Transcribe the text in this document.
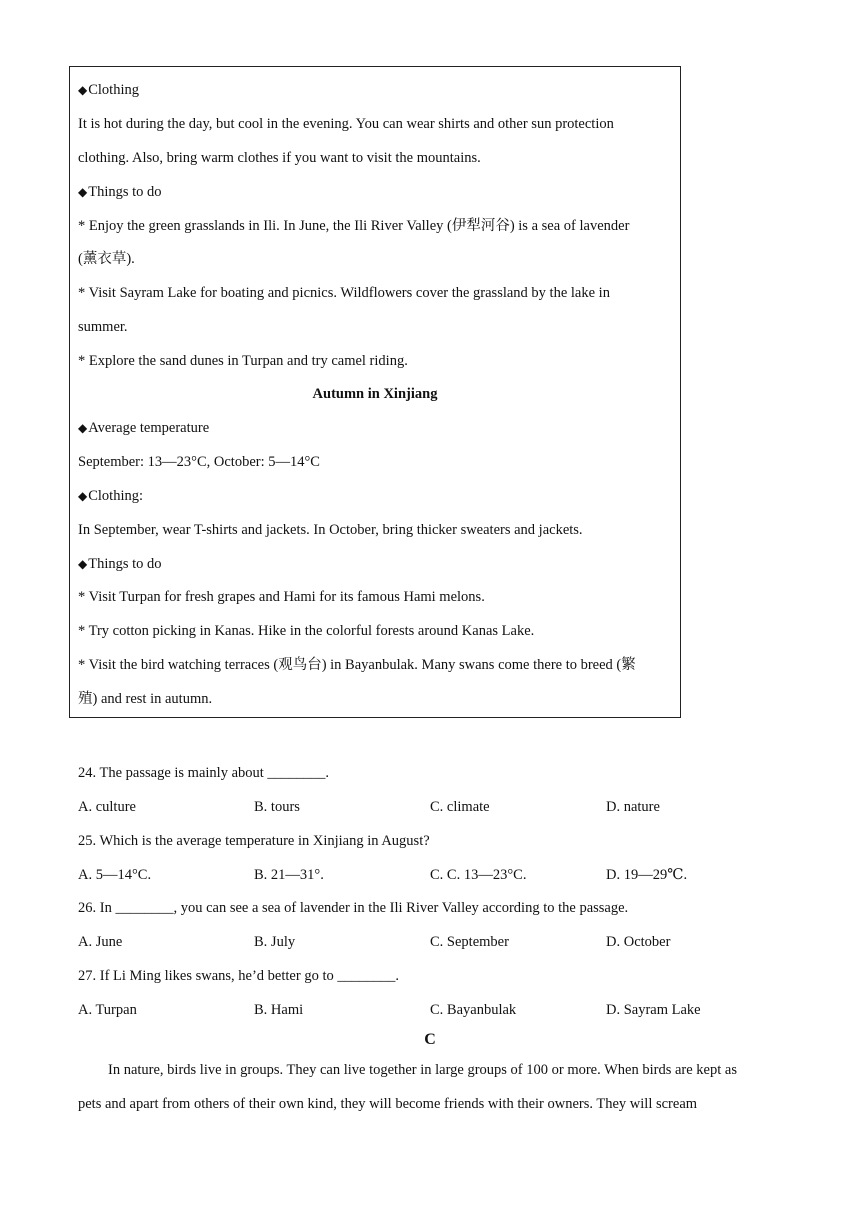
◆Clothing
It is hot during the day, but cool in the evening. You can wear shirts and other sun protection
clothing. Also, bring warm clothes if you want to visit the mountains.
◆Things to do
* Enjoy the green grasslands in Ili. In June, the Ili River Valley (伊犁河谷) is a sea of lavender
(薰衣草).
* Visit Sayram Lake for boating and picnics. Wildflowers cover the grassland by the lake in
summer.
* Explore the sand dunes in Turpan and try camel riding.
Autumn in Xinjiang
◆Average temperature
September: 13—23°C, October: 5—14°C
◆Clothing:
In September, wear T-shirts and jackets. In October, bring thicker sweaters and jackets.
◆Things to do
* Visit Turpan for fresh grapes and Hami for its famous Hami melons.
* Try cotton picking in Kanas. Hike in the colorful forests around Kanas Lake.
* Visit the bird watching terraces (观鸟台) in Bayanbulak. Many swans come there to breed (繁
殖) and rest in autumn.
24. The passage is mainly about ________.
A. culture	B. tours	C. climate	D. nature
25. Which is the average temperature in Xinjiang in August?
A. 5—14°C.	B. 21—31°.	C. C. 13—23°C.	D. 19—29℃.
26. In ________, you can see a sea of lavender in the Ili River Valley according to the passage.
A. June	B. July	C. September	D. October
27. If Li Ming likes swans, he’d better go to ________.
A. Turpan	B. Hami	C. Bayanbulak	D. Sayram Lake
C
In nature, birds live in groups. They can live together in large groups of 100 or more. When birds are kept as
pets and apart from others of their own kind, they will become friends with their owners. They will scream
